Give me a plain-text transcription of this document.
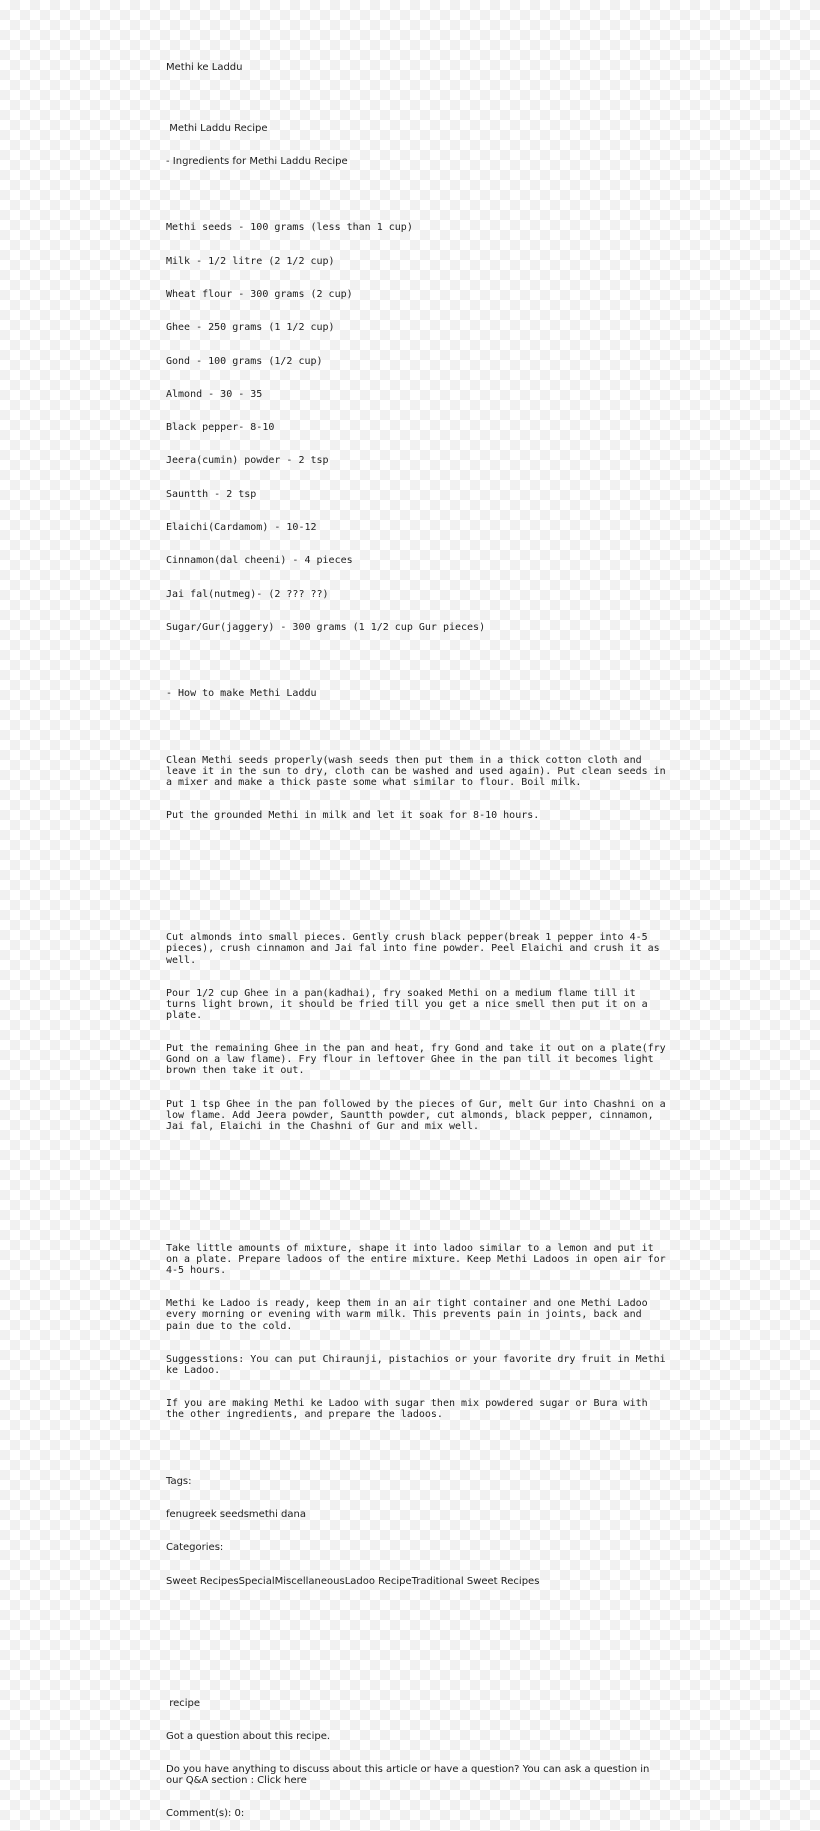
Methi ke Laddu

Methi Laddu Recipe

- Ingredients for Methi Laddu Recipe

Methi seeds - 100 grams (less than 1 cup)

Milk - 1/2 litre (2 1/2 cup)

Wheat flour - 300 grams (2 cup)

Ghee - 250 grams (1 1/2 cup)

Gond - 100 grams (1/2 cup)

Almond - 30 - 35

Black pepper- 8-10

Jeera(cumin) powder - 2 tsp

Sauntth - 2 tsp

Elaichi(Cardamom) - 10-12

Cinnamon(dal cheeni) - 4 pieces

Jai fal(nutmeg)- (2 ??? ??)

Sugar/Gur(jaggery) - 300 grams (1 1/2 cup Gur pieces)

- How to make Methi Laddu

Clean Methi seeds properly(wash seeds then put them in a thick cotton cloth and leave it in the sun to dry, cloth can be washed and used again). Put clean seeds in a mixer and make a thick paste some what similar to flour. Boil milk.

Put the grounded Methi in milk and let it soak for 8-10 hours.

Cut almonds into small pieces. Gently crush black pepper(break 1 pepper into 4-5 pieces), crush cinnamon and Jai fal into fine powder. Peel Elaichi and crush it as well.

Pour 1/2 cup Ghee in a pan(kadhai), fry soaked Methi on a medium flame till it turns light brown, it should be fried till you get a nice smell then put it on a plate.

Put the remaining Ghee in the pan and heat, fry Gond and take it out on a plate(fry Gond on a law flame). Fry flour in leftover Ghee in the pan till it becomes light brown then take it out.

Put 1 tsp Ghee in the pan followed by the pieces of Gur, melt Gur into Chashni on a low flame. Add Jeera powder, Sauntth powder, cut almonds, black pepper, cinnamon, Jai fal, Elaichi in the Chashni of Gur and mix well.

Take little amounts of mixture, shape it into ladoo similar to a lemon and put it on a plate. Prepare ladoos of the entire mixture. Keep Methi Ladoos in open air for 4-5 hours.

Methi ke Ladoo is ready, keep them in an air tight container and one Methi Ladoo every morning or evening with warm milk. This prevents pain in joints, back and pain due to the cold.

Suggesstions: You can put Chiraunji, pistachios or your favorite dry fruit in Methi ke Ladoo.

If you are making Methi ke Ladoo with sugar then mix powdered sugar or Bura with the other ingredients, and prepare the ladoos.

Tags:

fenugreek seedsmethi dana

Categories:

Sweet RecipesSpecialMiscellaneousLadoo RecipeTraditional Sweet Recipes

recipe

Got a question about this recipe.

Do you have anything to discuss about this article or have a question? You can ask a question in our Q&A section : Click here

Comment(s): 0:
